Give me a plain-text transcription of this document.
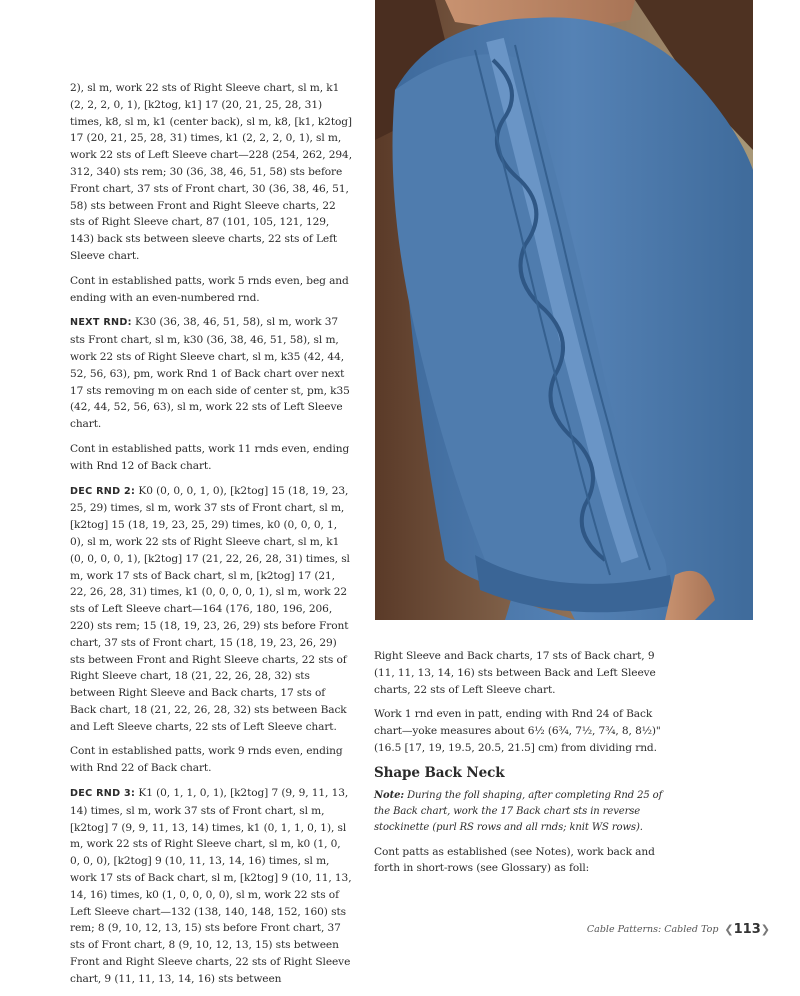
2), sl m, work 22 sts of Right Sleeve chart, sl m, k1 (2, 2, 2, 0, 1), [k2tog, k1] 17 (20, 21, 25, 28, 31) times, k8, sl m, k1 (center back), sl m, k8, [k1, k2tog] 17 (20, 21, 25, 28, 31) times, k1 (2, 2, 2, 0, 1), sl m, work 22 sts of Left Sleeve chart—228 (254, 262, 294, 312, 340) sts rem; 30 (36, 38, 46, 51, 58) sts before Front chart, 37 sts of Front chart, 30 (36, 38, 46, 51, 58) sts between Front and Right Sleeve charts, 22 sts of Right Sleeve chart, 87 (101, 105, 121, 129, 143) back sts between sleeve charts, 22 sts of Left Sleeve chart.

Cont in established patts, work 5 rnds even, beg and ending with an even-numbered rnd.

NEXT RND: K30 (36, 38, 46, 51, 58), sl m, work 37 sts Front chart, sl m, k30 (36, 38, 46, 51, 58), sl m, work 22 sts of Right Sleeve chart, sl m, k35 (42, 44, 52, 56, 63), pm, work Rnd 1 of Back chart over next 17 sts removing m on each side of center st, pm, k35 (42, 44, 52, 56, 63), sl m, work 22 sts of Left Sleeve chart.

Cont in established patts, work 11 rnds even, ending with Rnd 12 of Back chart.

DEC RND 2: K0 (0, 0, 0, 1, 0), [k2tog] 15 (18, 19, 23, 25, 29) times, sl m, work 37 sts of Front chart, sl m, [k2tog] 15 (18, 19, 23, 25, 29) times, k0 (0, 0, 0, 1, 0), sl m, work 22 sts of Right Sleeve chart, sl m, k1 (0, 0, 0, 0, 1), [k2tog] 17 (21, 22, 26, 28, 31) times, sl m, work 17 sts of Back chart, sl m, [k2tog] 17 (21, 22, 26, 28, 31) times, k1 (0, 0, 0, 0, 1), sl m, work 22 sts of Left Sleeve chart—164 (176, 180, 196, 206, 220) sts rem; 15 (18, 19, 23, 26, 29) sts before Front chart, 37 sts of Front chart, 15 (18, 19, 23, 26, 29) sts between Front and Right Sleeve charts, 22 sts of Right Sleeve chart, 18 (21, 22, 26, 28, 32) sts between Right Sleeve and Back charts, 17 sts of Back chart, 18 (21, 22, 26, 28, 32) sts between Back and Left Sleeve charts, 22 sts of Left Sleeve chart.

Cont in established patts, work 9 rnds even, ending with Rnd 22 of Back chart.

DEC RND 3: K1 (0, 1, 1, 0, 1), [k2tog] 7 (9, 9, 11, 13, 14) times, sl m, work 37 sts of Front chart, sl m, [k2tog] 7 (9, 9, 11, 13, 14) times, k1 (0, 1, 1, 0, 1), sl m, work 22 sts of Right Sleeve chart, sl m, k0 (1, 0, 0, 0, 0), [k2tog] 9 (10, 11, 13, 14, 16) times, sl m, work 17 sts of Back chart, sl m, [k2tog] 9 (10, 11, 13, 14, 16) times, k0 (1, 0, 0, 0, 0), sl m, work 22 sts of Left Sleeve chart—132 (138, 140, 148, 152, 160) sts rem; 8 (9, 10, 12, 13, 15) sts before Front chart, 37 sts of Front chart, 8 (9, 10, 12, 13, 15) sts between Front and Right Sleeve charts, 22 sts of Right Sleeve chart, 9 (11, 11, 13, 14, 16) sts between

Right Sleeve and Back charts, 17 sts of Back chart, 9 (11, 11, 13, 14, 16) sts between Back and Left Sleeve charts, 22 sts of Left Sleeve chart.

Work 1 rnd even in patt, ending with Rnd 24 of Back chart—yoke measures about 6½ (6¾, 7½, 7¾, 8, 8½)" (16.5 [17, 19, 19.5, 20.5, 21.5] cm) from dividing rnd.

Shape Back Neck

Note: During the foll shaping, after completing Rnd 25 of the Back chart, work the 17 Back chart sts in reverse stockinette (purl RS rows and all rnds; knit WS rows).

Cont patts as established (see Notes), work back and forth in short-rows (see Glossary) as foll:

Cable Patterns: Cabled Top ❮ 113 ❯
